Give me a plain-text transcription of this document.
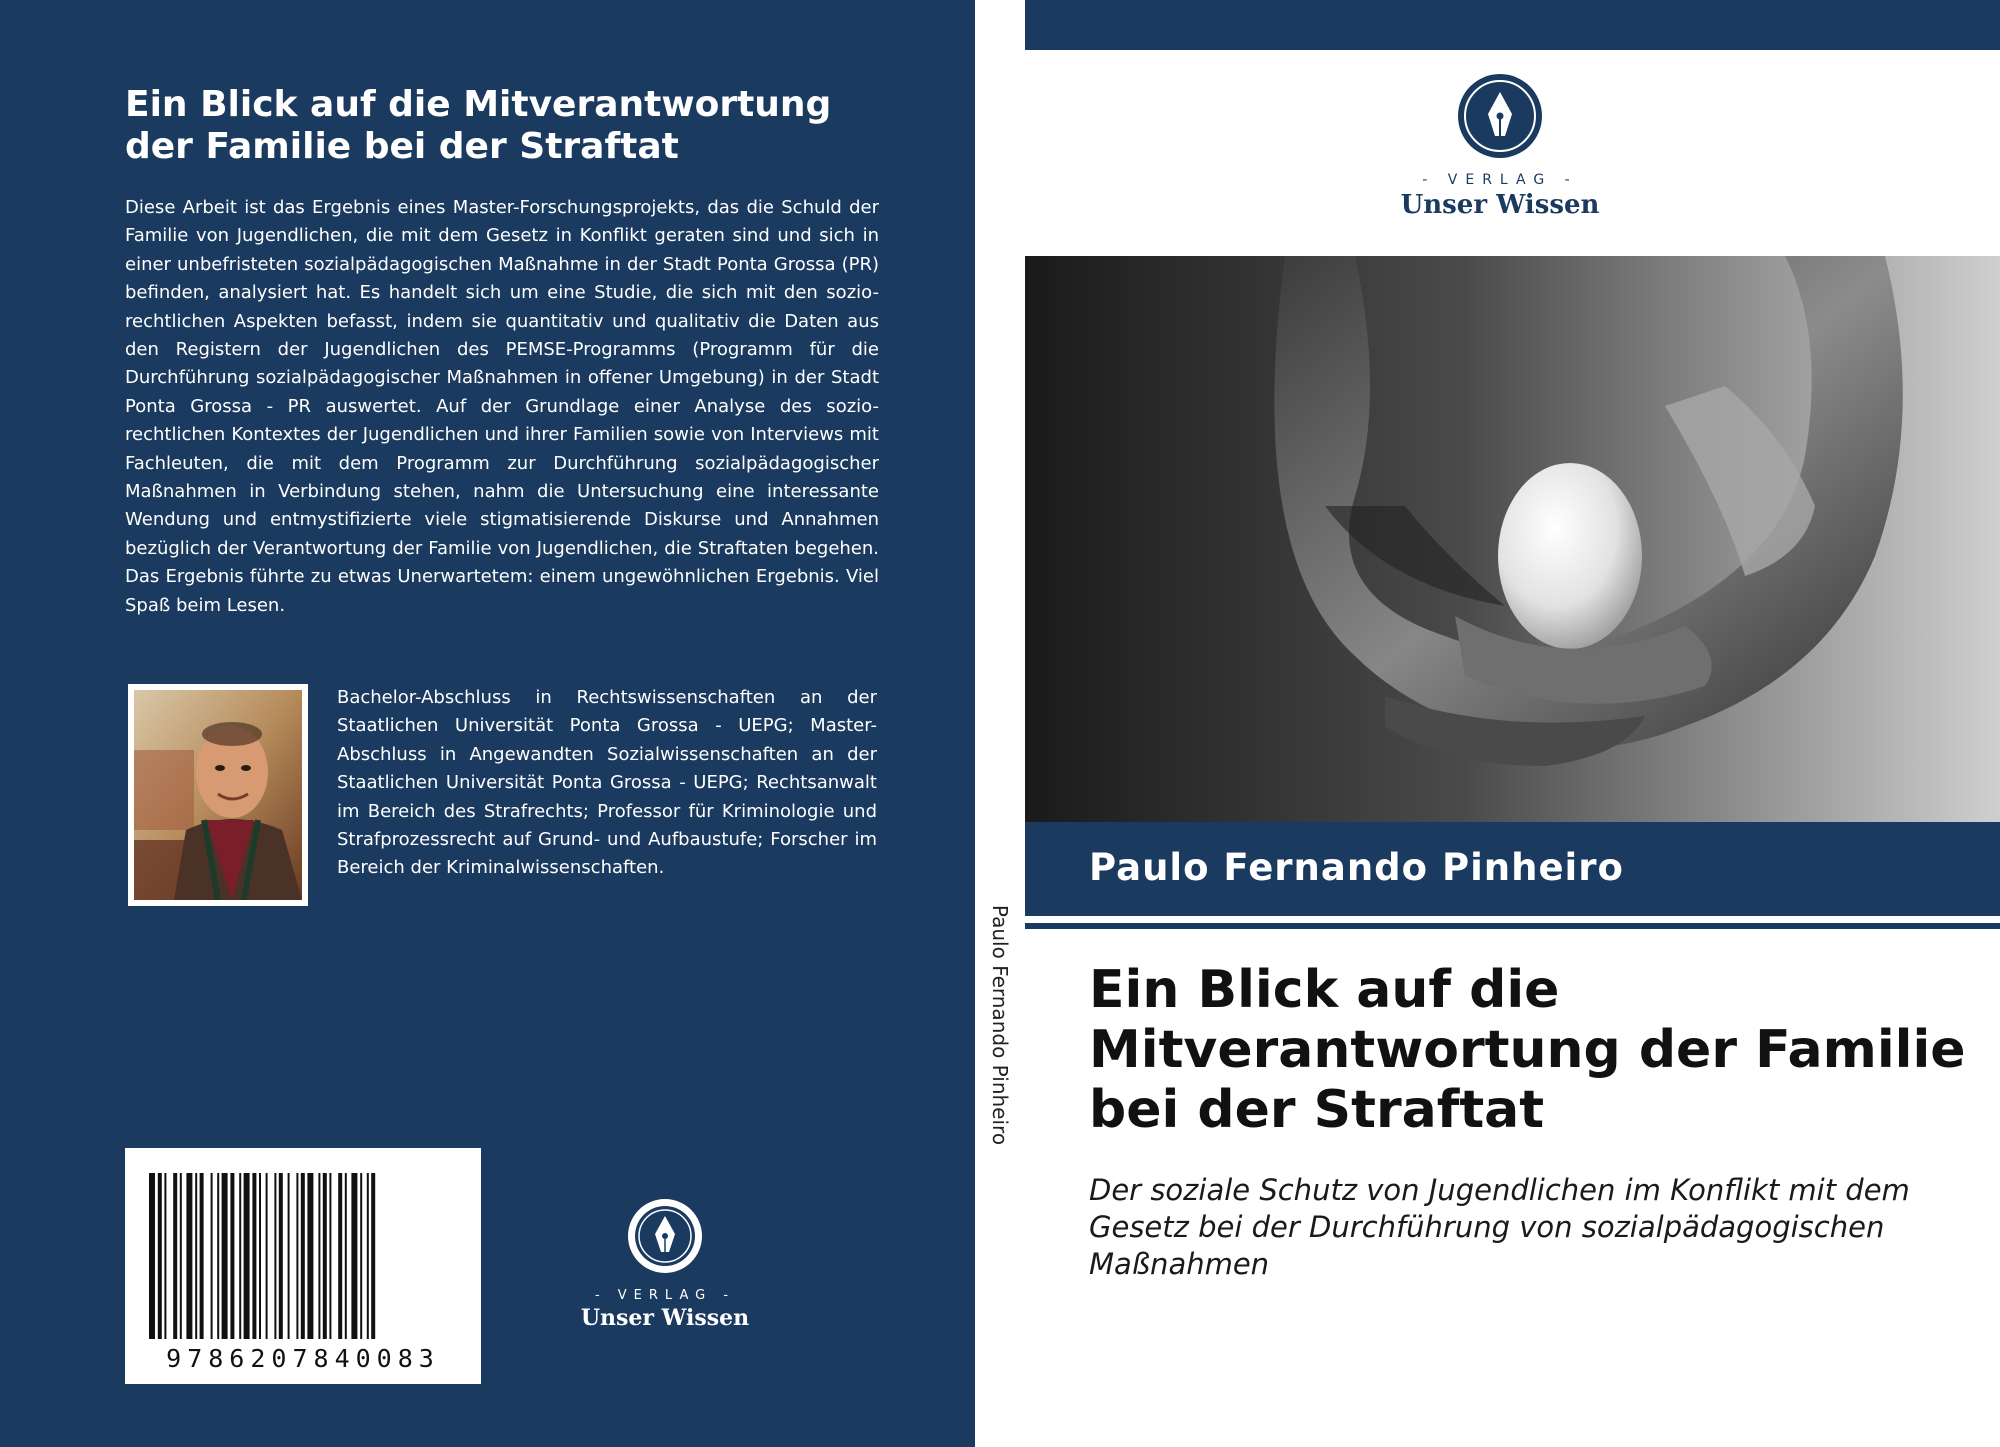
Ein Blick auf die Mitverantwortung der Familie bei der Straftat

Diese Arbeit ist das Ergebnis eines Master-Forschungsprojekts, das die Schuld der Familie von Jugendlichen, die mit dem Gesetz in Konflikt geraten sind und sich in einer unbefristeten sozialpädagogischen Maßnahme in der Stadt Ponta Grossa (PR) befinden, analysiert hat. Es handelt sich um eine Studie, die sich mit den sozio-rechtlichen Aspekten befasst, indem sie quantitativ und qualitativ die Daten aus den Registern der Jugendlichen des PEMSE-Programms (Programm für die Durchführung sozialpädagogischer Maßnahmen in offener Umgebung) in der Stadt Ponta Grossa - PR auswertet. Auf der Grundlage einer Analyse des sozio-rechtlichen Kontextes der Jugendlichen und ihrer Familien sowie von Interviews mit Fachleuten, die mit dem Programm zur Durchführung sozialpädagogischer Maßnahmen in Verbindung stehen, nahm die Untersuchung eine interessante Wendung und entmystifizierte viele stigmatisierende Diskurse und Annahmen bezüglich der Verantwortung der Familie von Jugendlichen, die Straftaten begehen. Das Ergebnis führte zu etwas Unerwartetem: einem ungewöhnlichen Ergebnis. Viel Spaß beim Lesen.

Bachelor-Abschluss in Rechtswissenschaften an der Staatlichen Universität Ponta Grossa - UEPG; Master-Abschluss in Angewandten Sozialwissenschaften an der Staatlichen Universität Ponta Grossa - UEPG; Rechtsanwalt im Bereich des Strafrechts; Professor für Kriminologie und Strafprozessrecht auf Grund- und Aufbaustufe; Forscher im Bereich der Kriminalwissenschaften.

9786207840083
- VERLAG -
Unser Wissen
Paulo Fernando Pinheiro
- VERLAG -
Unser Wissen
Paulo Fernando Pinheiro
Ein Blick auf die Mitverantwortung der Familie bei der Straftat

Der soziale Schutz von Jugendlichen im Konflikt mit dem Gesetz bei der Durchführung von sozialpädagogischen Maßnahmen
